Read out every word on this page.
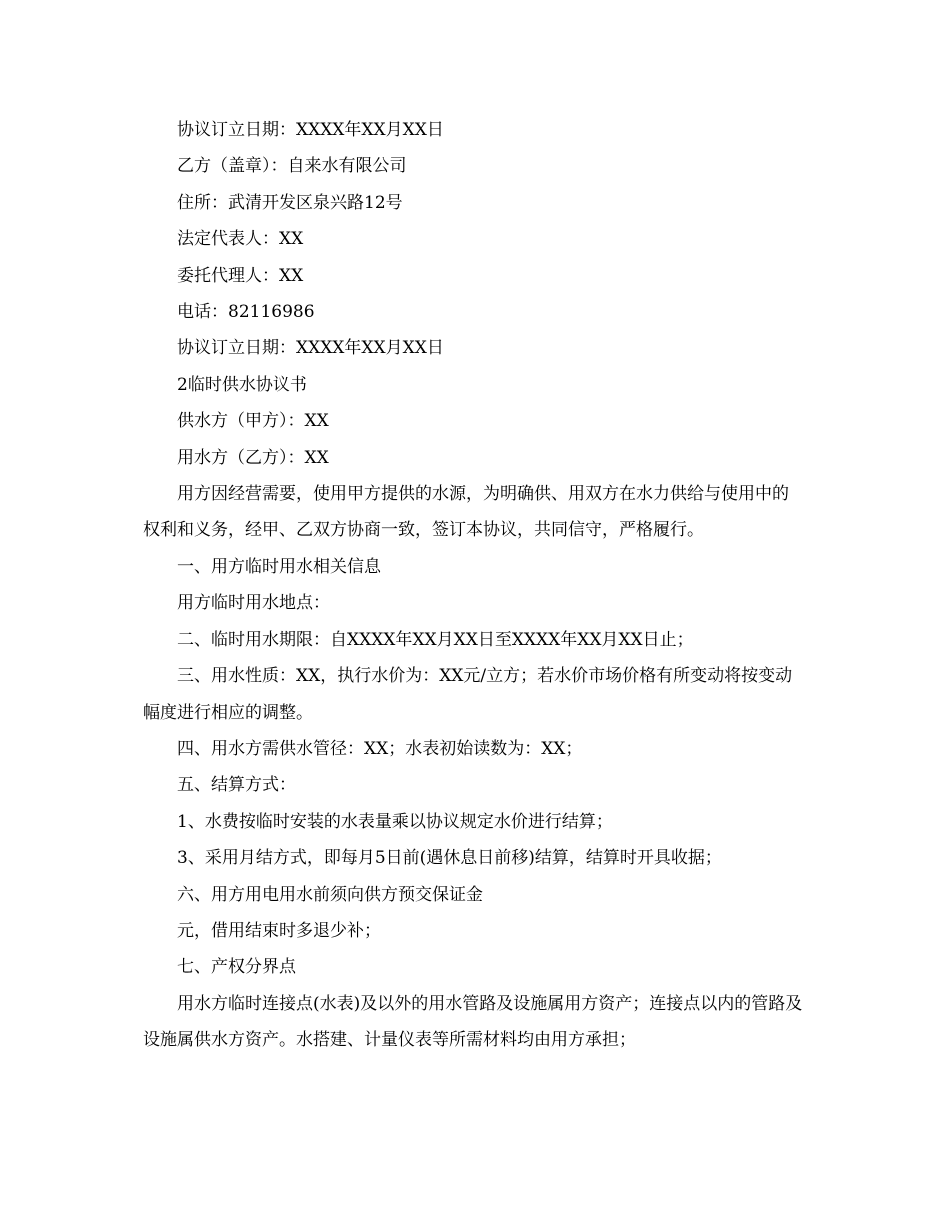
协议订立日期：XXXX年XX月XX日

乙方（盖章）：自来水有限公司

住所：武清开发区泉兴路12号

法定代表人：XX

委托代理人：XX

电话：82116986

协议订立日期：XXXX年XX月XX日

2临时供水协议书

供水方（甲方）：XX

用水方（乙方）：XX

用方因经营需要，使用甲方提供的水源，为明确供、用双方在水力供给与使用中的权利和义务，经甲、乙双方协商一致，签订本协议，共同信守，严格履行。

一、用方临时用水相关信息

用方临时用水地点：

二、临时用水期限：自XXXX年XX月XX日至XXXX年XX月XX日止；

三、用水性质：XX，执行水价为：XX元/立方；若水价市场价格有所变动将按变动幅度进行相应的调整。

四、用水方需供水管径：XX；水表初始读数为：XX；

五、结算方式：

1、水费按临时安装的水表量乘以协议规定水价进行结算；

3、采用月结方式，即每月5日前(遇休息日前移)结算，结算时开具收据；

六、用方用电用水前须向供方预交保证金

元，借用结束时多退少补；

七、产权分界点

用水方临时连接点(水表)及以外的用水管路及设施属用方资产；连接点以内的管路及设施属供水方资产。水搭建、计量仪表等所需材料均由用方承担；
